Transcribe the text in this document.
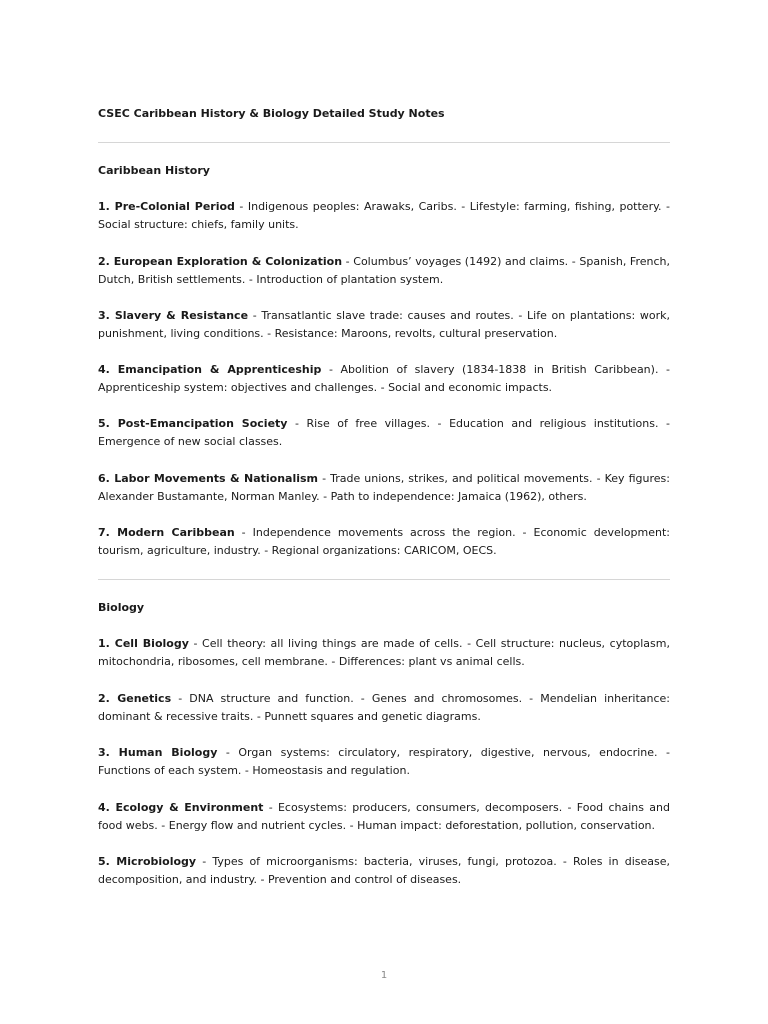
CSEC Caribbean History & Biology Detailed Study Notes
Caribbean History
1. Pre-Colonial Period - Indigenous peoples: Arawaks, Caribs. - Lifestyle: farming, fishing, pottery. - Social structure: chiefs, family units.
2. European Exploration & Colonization - Columbus’ voyages (1492) and claims. - Spanish, French, Dutch, British settlements. - Introduction of plantation system.
3. Slavery & Resistance - Transatlantic slave trade: causes and routes. - Life on plantations: work, punishment, living conditions. - Resistance: Maroons, revolts, cultural preservation.
4. Emancipation & Apprenticeship - Abolition of slavery (1834-1838 in British Caribbean). - Apprenticeship system: objectives and challenges. - Social and economic impacts.
5. Post-Emancipation Society - Rise of free villages. - Education and religious institutions. - Emergence of new social classes.
6. Labor Movements & Nationalism - Trade unions, strikes, and political movements. - Key figures: Alexander Bustamante, Norman Manley. - Path to independence: Jamaica (1962), others.
7. Modern Caribbean - Independence movements across the region. - Economic development: tourism, agriculture, industry. - Regional organizations: CARICOM, OECS.
Biology
1. Cell Biology - Cell theory: all living things are made of cells. - Cell structure: nucleus, cytoplasm, mitochondria, ribosomes, cell membrane. - Differences: plant vs animal cells.
2. Genetics - DNA structure and function. - Genes and chromosomes. - Mendelian inheritance: dominant & recessive traits. - Punnett squares and genetic diagrams.
3. Human Biology - Organ systems: circulatory, respiratory, digestive, nervous, endocrine. - Functions of each system. - Homeostasis and regulation.
4. Ecology & Environment - Ecosystems: producers, consumers, decomposers. - Food chains and food webs. - Energy flow and nutrient cycles. - Human impact: deforestation, pollution, conservation.
5. Microbiology - Types of microorganisms: bacteria, viruses, fungi, protozoa. - Roles in disease, decomposition, and industry. - Prevention and control of diseases.
1
